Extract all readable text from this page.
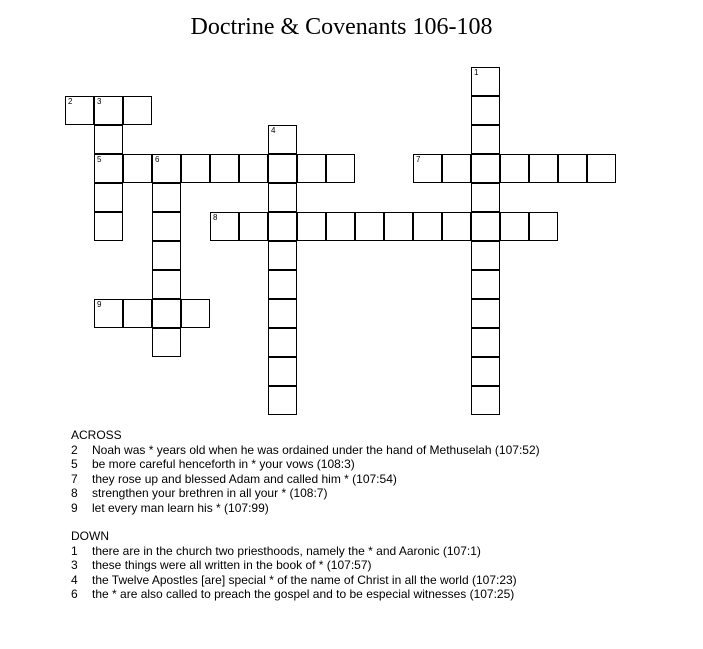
Doctrine & Covenants 106-108
2	3
5	6
4
7
1
8
9
ACROSS
2 Noah was * years old when he was ordained under the hand of Methuselah (107:52)
5 be more careful henceforth in * your vows (108:3)
7 they rose up and blessed Adam and called him * (107:54)
8 strengthen your brethren in all your * (108:7)
9 let every man learn his * (107:99)
DOWN
1 there are in the church two priesthoods, namely the * and Aaronic (107:1)
3 these things were all written in the book of * (107:57)
4 the Twelve Apostles [are] special * of the name of Christ in all the world (107:23)
6 the * are also called to preach the gospel and to be especial witnesses (107:25)
